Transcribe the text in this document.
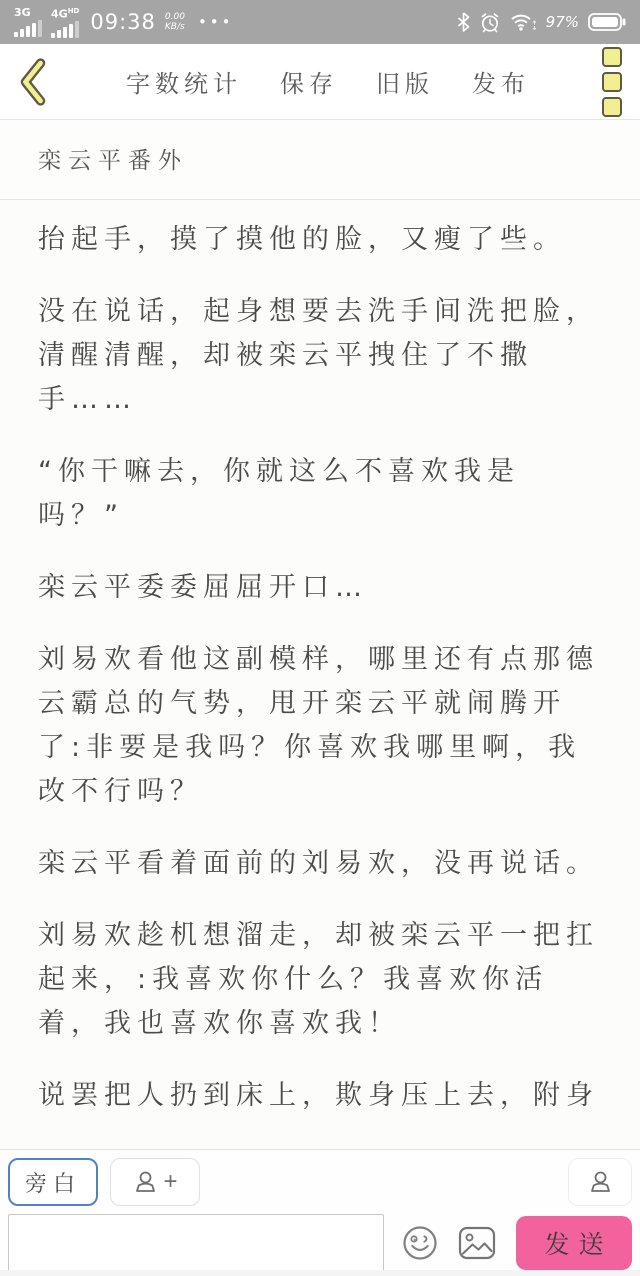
3G $4G^{HD}$ 09:38 0.00
KB/s •••	97%
字数统计 保存 旧版 发布
栾云平番外

抬起手，摸了摸他的脸，又瘦了些。

没在说话，起身想要去洗手间洗把脸，清醒清醒，却被栾云平拽住了不撒手……

“你干嘛去，你就这么不喜欢我是吗？”

栾云平委委屈屈开口…

刘易欢看他这副模样，哪里还有点那德云霸总的气势，甩开栾云平就闹腾开了:非要是我吗？你喜欢我哪里啊，我改不行吗？

栾云平看着面前的刘易欢，没再说话。

刘易欢趁机想溜走，却被栾云平一把扛起来，:我喜欢你什么？我喜欢你活着，我也喜欢你喜欢我！

说罢把人扔到床上，欺身压上去，附身

旁白	+
发送
